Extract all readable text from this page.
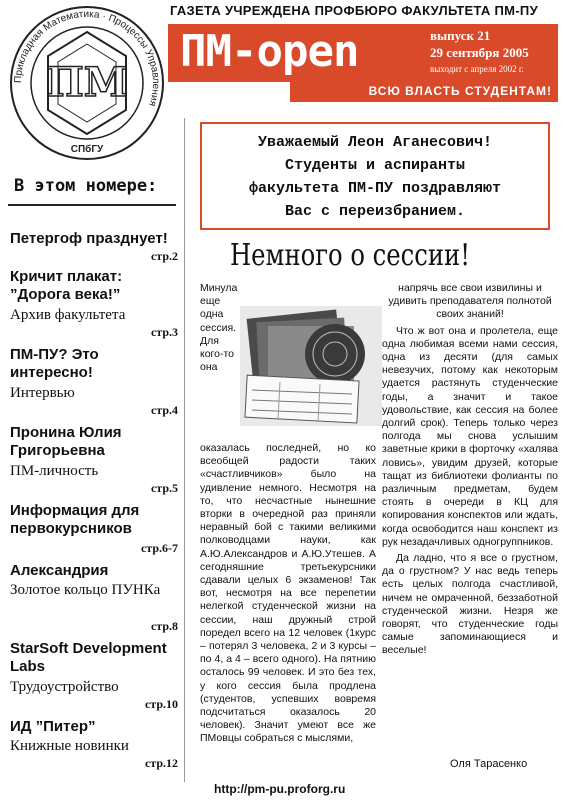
Прикладная Математика · Процессы Управления
ПМ
СПбГУ
ГАЗЕТА УЧРЕЖДЕНА ПРОФБЮРО ФАКУЛЬТЕТА ПМ-ПУ
ПМ-open	выпуск 21
29 сентября 2005
выходит с апреля 2002 г.
ВСЮ ВЛАСТЬ СТУДЕНТАМ!
Уважаемый Леон Аганесович!
Студенты и аспиранты
факультета ПМ-ПУ поздравляют
Вас с переизбранием.
В этом номере:
Петергоф празднует!
стр.2
Кричит плакат: ”Дорога века!”
Архив факультета
стр.3
ПМ-ПУ? Это интересно!
Интервью
стр.4
Пронина Юлия Григорьевна
ПМ-личность
стр.5
Информация для первокурсников
стр.6-7
Александрия
Золотое кольцо ПУНКа
стр.8
StarSoft Development Labs
Трудоустройство
стр.10
ИД ”Питер”
Книжные новинки
стр.12
Немного о сессии!
Минула еще одна сессия. Для кого-то она оказалась последней, но ко всеобщей радости таких «счастливчиков» было на удивление немного. Несмотря на то, что несчастные нынешние вторки в очередной раз приняли неравный бой с такими великими полководцами науки, как А.Ю.Александров и А.Ю.Утешев. А сегодняшние третьекурсники сдавали целых 6 экзаменов! Так вот, несмотря на все перепетии нелегкой студенческой жизни на сессии, наш дружный строй поредел всего на 12 человек (1курс – потерял 3 человека, 2 и 3 курсы – по 4, а 4 – всего одного). На пятнию осталось 99 человек. И это без тех, у кого сессия была продлена (студентов, успевших вовремя подсчитаться оказалось 20 человек). Значит умеют все же ПМовцы собраться с мыслями,
напрячь все свои извилины и удивить преподавателя полнотой своих знаний!
Что ж вот она и пролетела, еще одна любимая всеми нами сессия, одна из десяти (для самых невезучих, потому как некоторым удается растянуть студенческие годы, а значит и такое удовольствие, как сессия на более долгий срок). Теперь только через полгода мы снова услышим заветные крики в форточку «халява ловись», увидим друзей, которые тащат из библиотеки фолианты по различным предметам, будем стоять в очереди в КЦ для копирования конспектов или ждать, когда освободится наш конспект из рук незадачливых одногруппников.
Да ладно, что я все о грустном, да о грустном? У нас ведь теперь есть целых полгода счастливой, ничем не омраченной, беззаботной студенческой жизни. Незря же говорят, что студенческие годы самые запоминающиеся и веселые!
Оля Тарасенко
http://pm-pu.proforg.ru
